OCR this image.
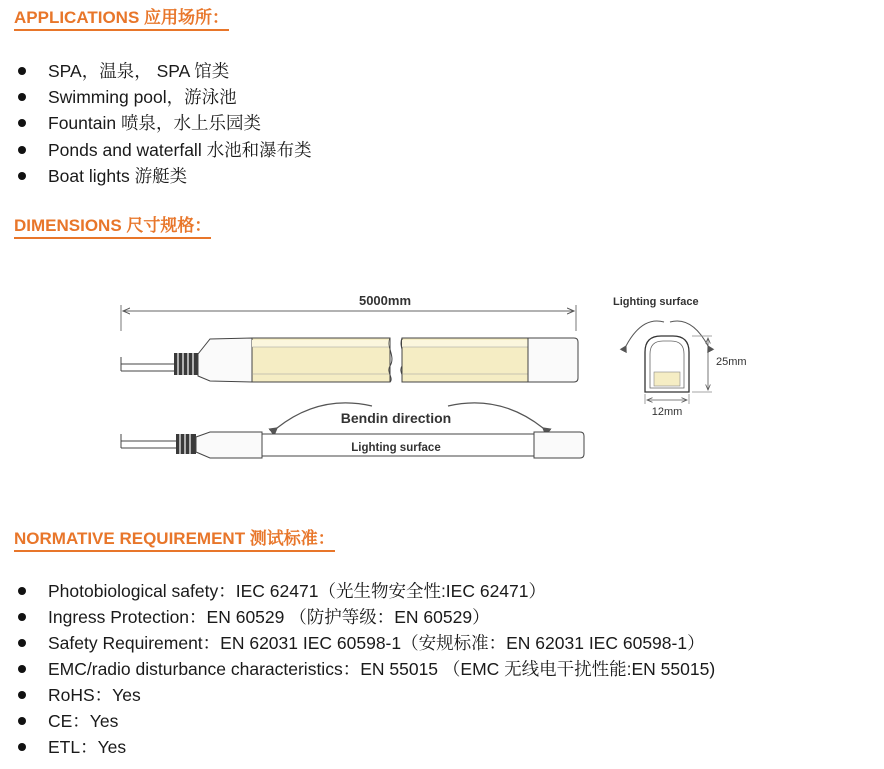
APPLICATIONS 应用场所：
SPA，温泉， SPA 馆类
Swimming pool，游泳池
Fountain 喷泉，水上乐园类
Ponds and waterfall 水池和瀑布类
Boat lights 游艇类
DIMENSIONS 尺寸规格：
5000mm	Lighting surface
25mm
12mm
Bendin direction
Lighting surface
NORMATIVE REQUIREMENT 测试标准：
Photobiological safety：IEC 62471（光生物安全性:IEC 62471）
Ingress Protection：EN 60529 （防护等级：EN 60529）
Safety Requirement：EN 62031 IEC 60598-1（安规标准：EN 62031 IEC 60598-1）
EMC/radio disturbance characteristics：EN 55015 （EMC 无线电干扰性能:EN 55015)
RoHS：Yes
CE：Yes
ETL：Yes
